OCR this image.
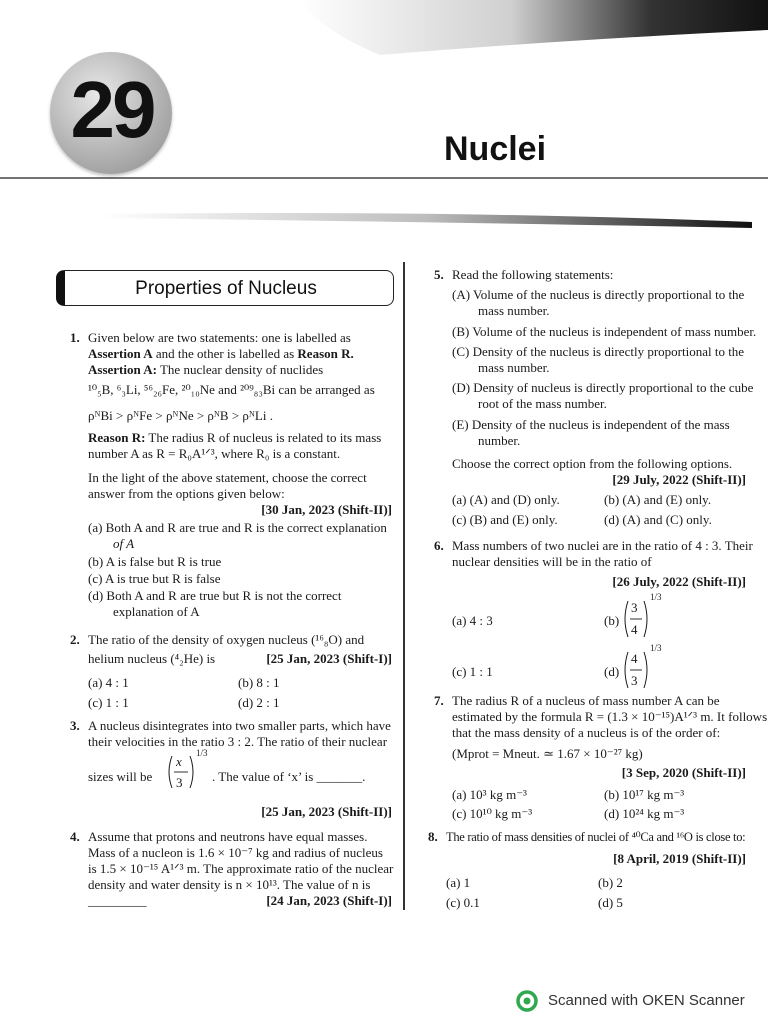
29	Nuclei
Properties of Nucleus
1. Given below are two statements: one is labelled as
Assertion A and the other is labelled as Reason R.
Assertion A: The nuclear density of nuclides
¹⁰₅B, ⁶₃Li, ⁵⁶₂₆Fe, ²⁰₁₀Ne and ²⁰⁹₈₃Bi can be arranged as
ρᴺBi > ρᴺFe > ρᴺNe > ρᴺB > ρᴺLi .
Reason R: The radius R of nucleus is related to its mass
number A as R = R₀A¹ᐟ³, where R₀ is a constant.
In the light of the above statement, choose the correct
answer from the options given below:
[30 Jan, 2023 (Shift-II)]
(a) Both A and R are true and R is the correct explanation
of A
(b) A is false but R is true
(c) A is true but R is false
(d) Both A and R are true but R is not the correct
explanation of A
2. The ratio of the density of oxygen nucleus (¹⁶₈O) and
helium nucleus (⁴₂He) is	[25 Jan, 2023 (Shift-I)]
(a) 4 : 1	(b) 8 : 1
(c) 1 : 1	(d) 2 : 1
3. A nucleus disintegrates into two smaller parts, which have
their velocities in the ratio 3 : 2. The ratio of their nuclear
sizes will be
x
3
1/3
. The value of ‘x’ is _______.
[25 Jan, 2023 (Shift-II)]
4. Assume that protons and neutrons have equal masses.
Mass of a nucleon is 1.6 × 10⁻⁷ kg and radius of nucleus
is 1.5 × 10⁻¹⁵ A¹ᐟ³ m. The approximate ratio of the nuclear
density and water density is n × 10¹³. The value of n is
_________	[24 Jan, 2023 (Shift-I)]
5. Read the following statements:
(A) Volume of the nucleus is directly proportional to the
mass number.
(B) Volume of the nucleus is independent of mass number.
(C) Density of the nucleus is directly proportional to the
mass number.
(D) Density of nucleus is directly proportional to the cube
root of the mass number.
(E) Density of the nucleus is independent of the mass
number.
Choose the correct option from the following options.
[29 July, 2022 (Shift-II)]
(a) (A) and (D) only.	(b) (A) and (E) only.
(c) (B) and (E) only.	(d) (A) and (C) only.
6. Mass numbers of two nuclei are in the ratio of 4 : 3. Their
nuclear densities will be in the ratio of
[26 July, 2022 (Shift-II)]
(a) 4 : 3	(b)
3
4
1/3
(c) 1 : 1	(d)
4
3
1/3
7. The radius R of a nucleus of mass number A can be
estimated by the formula R = (1.3 × 10⁻¹⁵)A¹ᐟ³ m. It follows
that the mass density of a nucleus is of the order of:
(Mprot = Mneut. ≃ 1.67 × 10⁻²⁷ kg)
[3 Sep, 2020 (Shift-II)]
(a) 10³ kg m⁻³	(b) 10¹⁷ kg m⁻³
(c) 10¹⁰ kg m⁻³	(d) 10²⁴ kg m⁻³
8. The ratio of mass densities of nuclei of ⁴⁰Ca and ¹⁶O is close to:
[8 April, 2019 (Shift-II)]
(a) 1	(b) 2
(c) 0.1	(d) 5
Scanned with OKEN Scanner
